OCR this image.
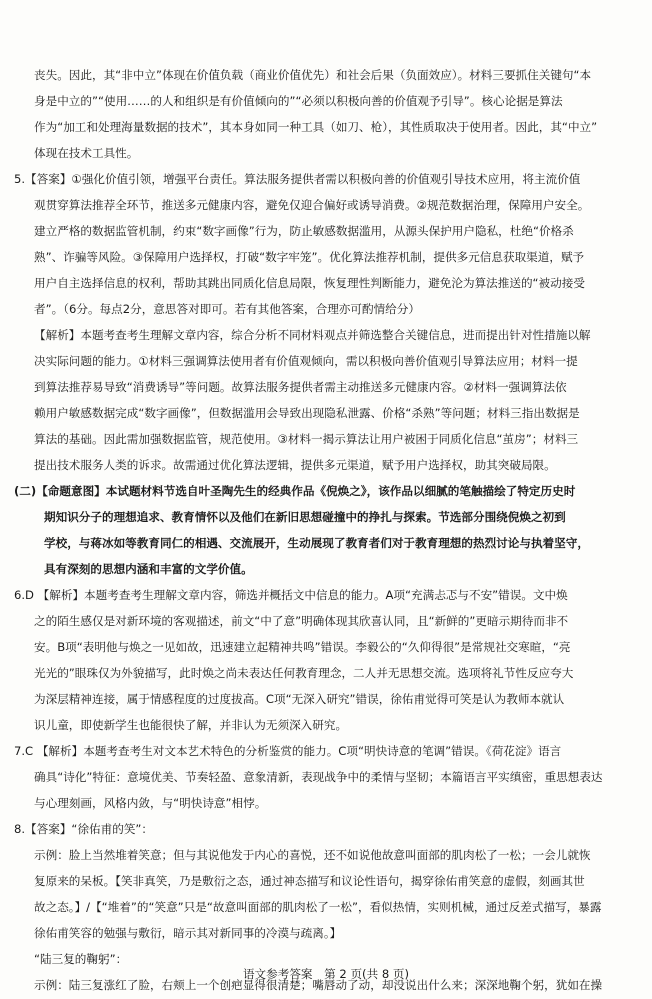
丧失。因此，其“非中立”体现在价值负载（商业价值优先）和社会后果（负面效应）。材料三要抓住关键句“本
身是中立的”“使用……的人和组织是有价值倾向的”“必须以积极向善的价值观予引导”。核心论据是算法
作为“加工和处理海量数据的技术”，其本身如同一种工具（如刀、枪），其性质取决于使用者。因此，其“中立”
体现在技术工具性。
5.【答案】①强化价值引领，增强平台责任。算法服务提供者需以积极向善的价值观引导技术应用，将主流价值
观贯穿算法推荐全环节，推送多元健康内容，避免仅迎合偏好或诱导消费。②规范数据治理，保障用户安全。
建立严格的数据监管机制，约束“数字画像”行为，防止敏感数据滥用，从源头保护用户隐私，杜绝“价格杀
熟”、诈骗等风险。③保障用户选择权，打破“数字牢笼”。优化算法推荐机制，提供多元信息获取渠道，赋予
用户自主选择信息的权利，帮助其跳出同质化信息局限，恢复理性判断能力，避免沦为算法推送的“被动接受
者”。（6分。每点2分，意思答对即可。若有其他答案，合理亦可酌情给分）
【解析】本题考查考生理解文章内容，综合分析不同材料观点并筛选整合关键信息，进而提出针对性措施以解
决实际问题的能力。①材料三强调算法使用者有价值观倾向，需以积极向善价值观引导算法应用；材料一提
到算法推荐易导致“消费诱导”等问题。故算法服务提供者需主动推送多元健康内容。②材料一强调算法依
赖用户敏感数据完成“数字画像”，但数据滥用会导致出现隐私泄露、价格“杀熟”等问题；材料三指出数据是
算法的基础。因此需加强数据监管，规范使用。③材料一揭示算法让用户被困于同质化信息“茧房”；材料三
提出技术服务人类的诉求。故需通过优化算法逻辑，提供多元渠道，赋予用户选择权，助其突破局限。
(二)【命题意图】本试题材料节选自叶圣陶先生的经典作品《倪焕之》，该作品以细腻的笔触描绘了特定历史时
期知识分子的理想追求、教育情怀以及他们在新旧思想碰撞中的挣扎与探索。节选部分围绕倪焕之初到
学校，与蒋冰如等教育同仁的相遇、交流展开，生动展现了教育者们对于教育理想的热烈讨论与执着坚守，
具有深刻的思想内涵和丰富的文学价值。
6.D 【解析】本题考查考生理解文章内容，筛选并概括文中信息的能力。A项“充满忐忑与不安”错误。文中焕
之的陌生感仅是对新环境的客观描述，前文“中了意”明确体现其欣喜认同，且“新鲜的”更暗示期待而非不
安。B项“表明他与焕之一见如故，迅速建立起精神共鸣”错误。李毅公的“久仰得很”是常规社交寒暄，“亮
光光的”眼珠仅为外貌描写，此时焕之尚未表达任何教育理念，二人并无思想交流。选项将礼节性反应夸大
为深层精神连接，属于情感程度的过度拔高。C项“无深入研究”错误，徐佑甫觉得可笑是认为教师本就认
识儿童，即使新学生也能很快了解，并非认为无须深入研究。
7.C 【解析】本题考查考生对文本艺术特色的分析鉴赏的能力。C项“明快诗意的笔调”错误。《荷花淀》语言
确具“诗化”特征：意境优美、节奏轻盈、意象清新，表现战争中的柔情与坚韧；本篇语言平实缜密，重思想表达
与心理刻画，风格内敛，与“明快诗意”相悖。
8.【答案】“徐佑甫的笑”：
示例：脸上当然堆着笑意；但与其说他发于内心的喜悦，还不如说他故意叫面部的肌肉松了一松；一会儿就恢
复原来的呆板。【笑非真笑，乃是敷衍之态，通过神态描写和议论性语句，揭穿徐佑甫笑意的虚假，刻画其世
故之态。】/【“堆着”的“笑意”只是“故意叫面部的肌肉松了一松”，看似热情，实则机械，通过反差式描写，暴露
徐佑甫笑容的勉强与敷衍，暗示其对新同事的冷漠与疏离。】
“陆三复的鞠躬”：
示例：陆三复涨红了脸，右颊上一个创疤显得很清楚；嘴唇动了动，却没说出什么来；深深地鞠个躬，犹如在操
语文参考答案　第 2 页(共 8 页)
